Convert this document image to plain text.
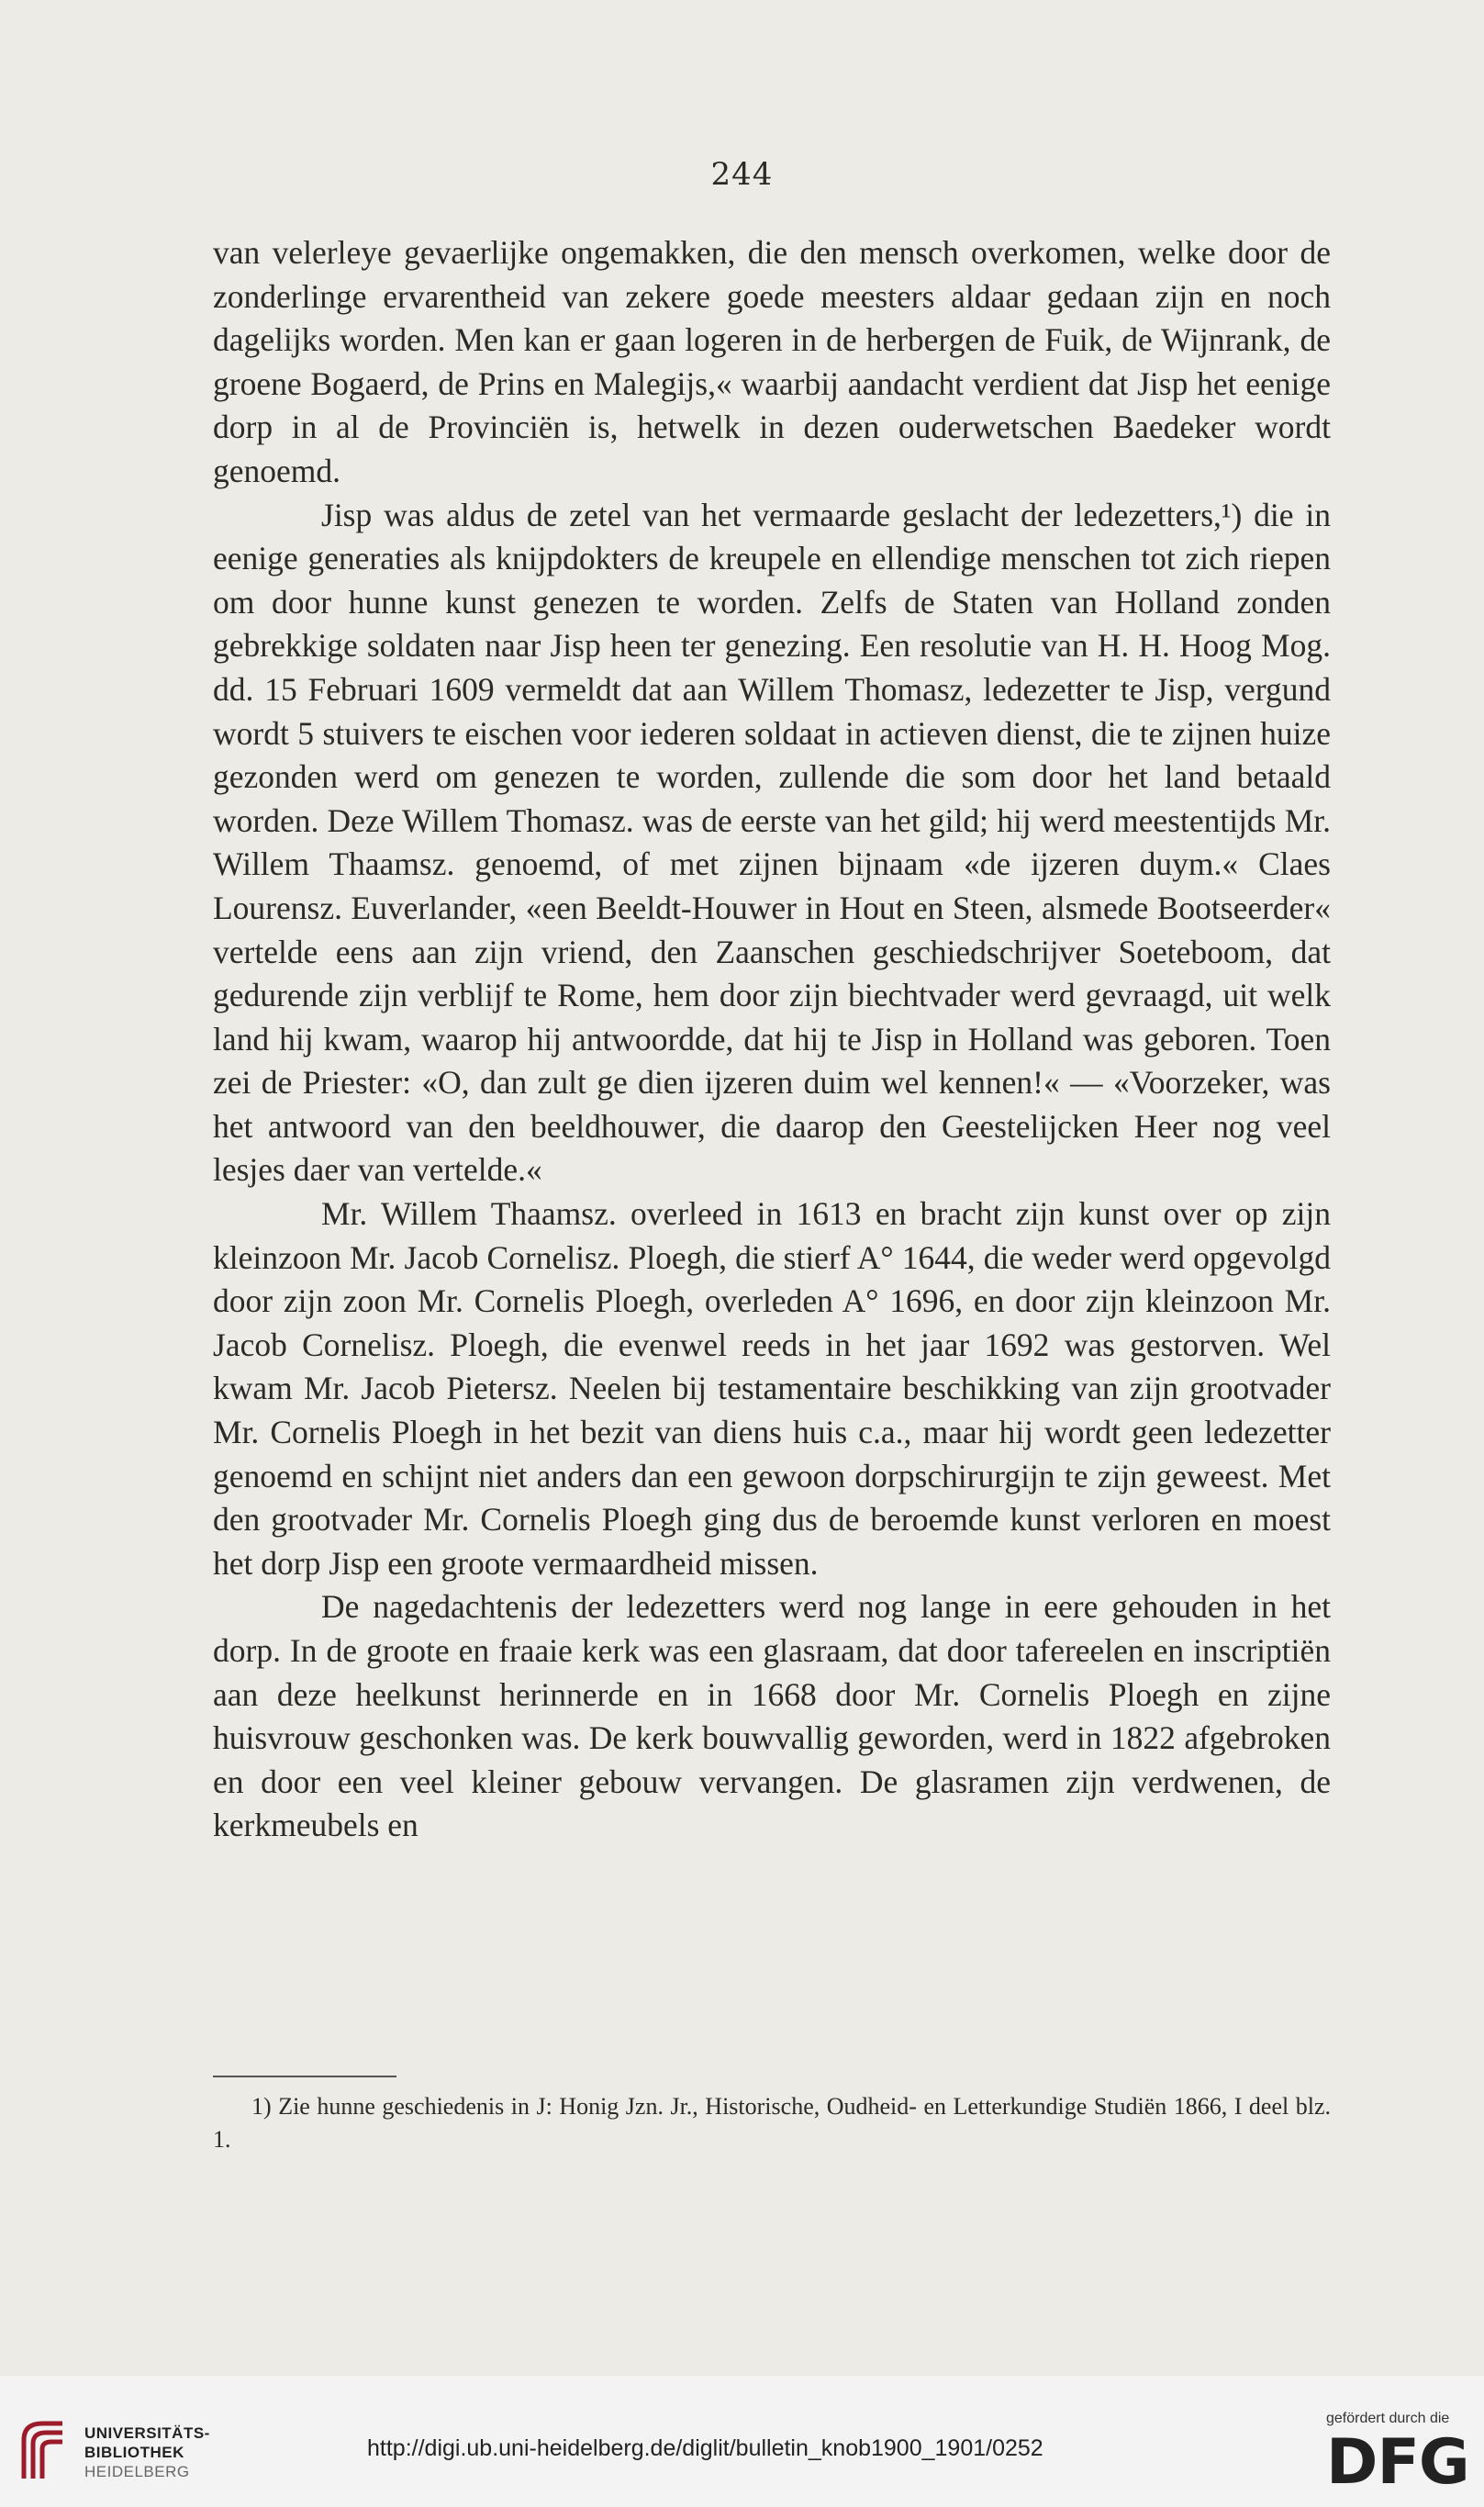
244

van velerleye gevaerlijke ongemakken, die den mensch overkomen, welke door de zonderlinge ervarentheid van zekere goede meesters aldaar gedaan zijn en noch dagelijks worden. Men kan er gaan logeren in de herbergen de Fuik, de Wijnrank, de groene Bogaerd, de Prins en Malegijs,« waarbij aandacht verdient dat Jisp het eenige dorp in al de Provinciën is, hetwelk in dezen ouderwetschen Baedeker wordt genoemd.

Jisp was aldus de zetel van het vermaarde geslacht der ledezetters,¹) die in eenige generaties als knijpdokters de kreupele en ellendige menschen tot zich riepen om door hunne kunst genezen te worden. Zelfs de Staten van Holland zonden gebrekkige soldaten naar Jisp heen ter genezing. Een resolutie van H. H. Hoog Mog. dd. 15 Februari 1609 vermeldt dat aan Willem Thomasz, ledezetter te Jisp, vergund wordt 5 stuivers te eischen voor iederen soldaat in actieven dienst, die te zijnen huize gezonden werd om genezen te worden, zullende die som door het land betaald worden. Deze Willem Thomasz. was de eerste van het gild; hij werd meestentijds Mr. Willem Thaamsz. genoemd, of met zijnen bijnaam «de ijzeren duym.« Claes Lourensz. Euverlander, «een Beeldt-Houwer in Hout en Steen, alsmede Bootseerder« vertelde eens aan zijn vriend, den Zaanschen geschiedschrijver Soeteboom, dat gedurende zijn verblijf te Rome, hem door zijn biechtvader werd gevraagd, uit welk land hij kwam, waarop hij antwoordde, dat hij te Jisp in Holland was geboren. Toen zei de Priester: «O, dan zult ge dien ijzeren duim wel kennen!« — «Voorzeker, was het antwoord van den beeldhouwer, die daarop den Geestelijcken Heer nog veel lesjes daer van vertelde.«

Mr. Willem Thaamsz. overleed in 1613 en bracht zijn kunst over op zijn kleinzoon Mr. Jacob Cornelisz. Ploegh, die stierf A° 1644, die weder werd opgevolgd door zijn zoon Mr. Cornelis Ploegh, overleden A° 1696, en door zijn kleinzoon Mr. Jacob Cornelisz. Ploegh, die evenwel reeds in het jaar 1692 was gestorven. Wel kwam Mr. Jacob Pietersz. Neelen bij testamentaire beschikking van zijn grootvader Mr. Cornelis Ploegh in het bezit van diens huis c.a., maar hij wordt geen ledezetter genoemd en schijnt niet anders dan een gewoon dorpschirurgijn te zijn geweest. Met den grootvader Mr. Cornelis Ploegh ging dus de beroemde kunst verloren en moest het dorp Jisp een groote vermaardheid missen.

De nagedachtenis der ledezetters werd nog lange in eere gehouden in het dorp. In de groote en fraaie kerk was een glasraam, dat door tafereelen en inscriptiën aan deze heelkunst herinnerde en in 1668 door Mr. Cornelis Ploegh en zijne huisvrouw geschonken was. De kerk bouwvallig geworden, werd in 1822 afgebroken en door een veel kleiner gebouw vervangen. De glasramen zijn verdwenen, de kerkmeubels en

1) Zie hunne geschiedenis in J: Honig Jzn. Jr., Historische, Oudheid- en Letterkundige Studiën 1866, I deel blz. 1.
UNIVERSITÄTS-
BIBLIOTHEK
HEIDELBERG
http://digi.ub.uni-heidelberg.de/diglit/bulletin_knob1900_1901/0252
gefördert durch die
DFG
